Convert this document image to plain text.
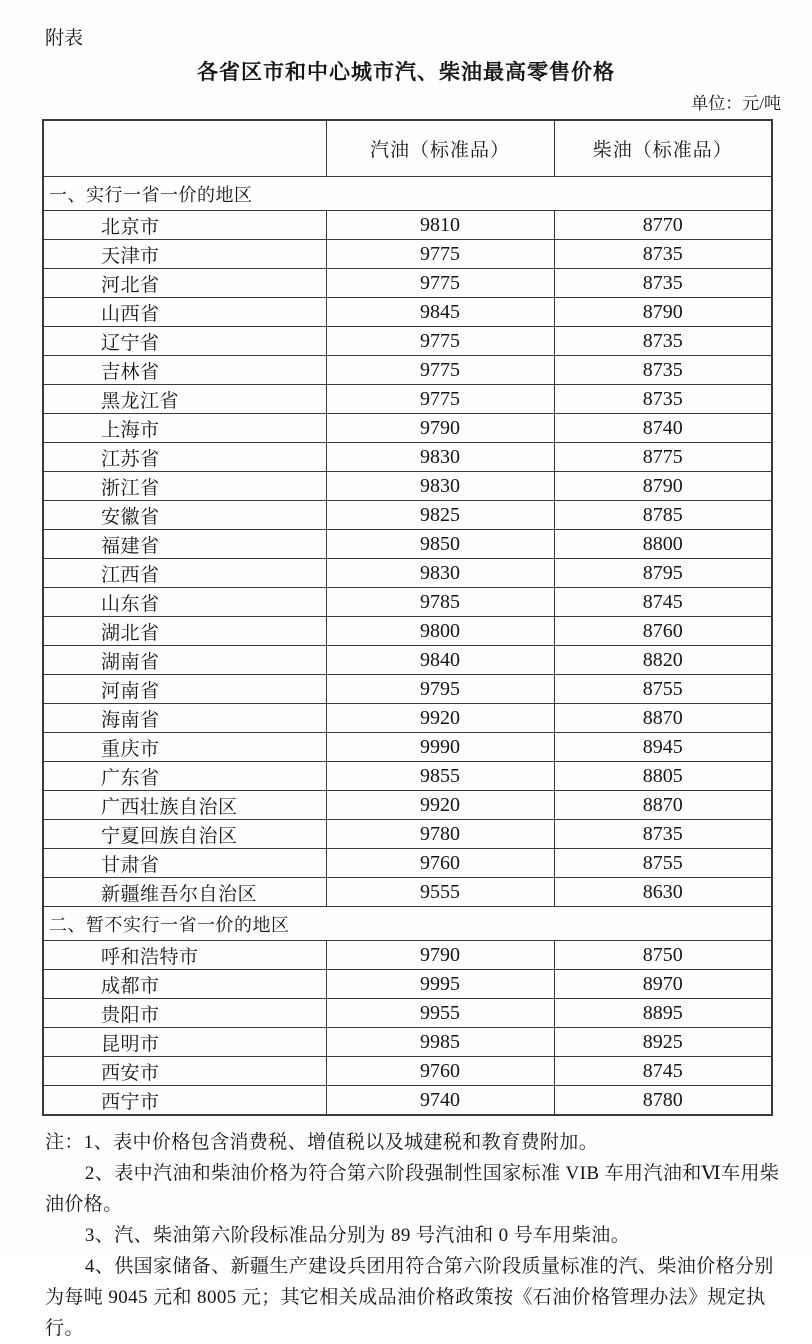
附表
各省区市和中心城市汽、柴油最高零售价格
单位：元/吨
	汽油（标准品）	柴油（标准品）
一、实行一省一价的地区		
北京市	9810	8770
天津市	9775	8735
河北省	9775	8735
山西省	9845	8790
辽宁省	9775	8735
吉林省	9775	8735
黑龙江省	9775	8735
上海市	9790	8740
江苏省	9830	8775
浙江省	9830	8790
安徽省	9825	8785
福建省	9850	8800
江西省	9830	8795
山东省	9785	8745
湖北省	9800	8760
湖南省	9840	8820
河南省	9795	8755
海南省	9920	8870
重庆市	9990	8945
广东省	9855	8805
广西壮族自治区	9920	8870
宁夏回族自治区	9780	8735
甘肃省	9760	8755
新疆维吾尔自治区	9555	8630
二、暂不实行一省一价的地区		
呼和浩特市	9790	8750
成都市	9995	8970
贵阳市	9955	8895
昆明市	9985	8925
西安市	9760	8745
西宁市	9740	8780

注：1、表中价格包含消费税、增值税以及城建税和教育费附加。

2、表中汽油和柴油价格为符合第六阶段强制性国家标准 VIB 车用汽油和Ⅵ车用柴油价格。

3、汽、柴油第六阶段标准品分别为 89 号汽油和 0 号车用柴油。

4、供国家储备、新疆生产建设兵团用符合第六阶段质量标准的汽、柴油价格分别为每吨 9045 元和 8005 元；其它相关成品油价格政策按《石油价格管理办法》规定执行。
